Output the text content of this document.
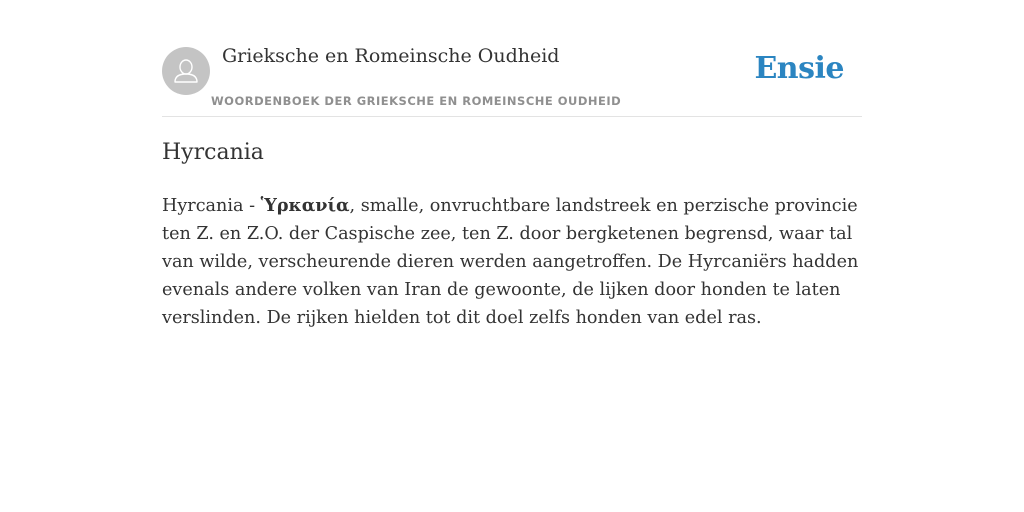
Grieksche en Romeinsche Oudheid
WOORDENBOEK DER GRIEKSCHE EN ROMEINSCHE OUDHEID
Ensie
Hyrcania

Hyrcania - Ὑρκανία, smalle, onvruchtbare landstreek en perzische provincie ten Z. en Z.O. der Caspische zee, ten Z. door bergketenen begrensd, waar tal van wilde, verscheurende dieren werden aangetroffen. De Hyrcaniërs hadden evenals andere volken van Iran de gewoonte, de lijken door honden te laten verslinden. De rijken hielden tot dit doel zelfs honden van edel ras.
